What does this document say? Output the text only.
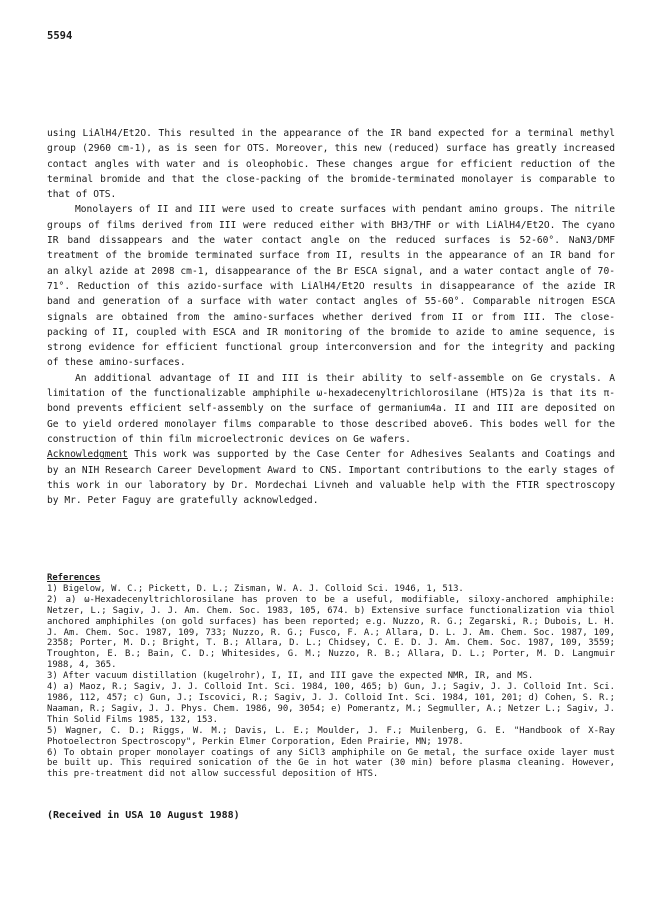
5594

using LiAlH4/Et2O. This resulted in the appearance of the IR band expected for a terminal methyl group (2960 cm-1), as is seen for OTS. Moreover, this new (reduced) surface has greatly increased contact angles with water and is oleophobic. These changes argue for efficient reduction of the terminal bromide and that the close-packing of the bromide-terminated monolayer is comparable to that of OTS.

Monolayers of II and III were used to create surfaces with pendant amino groups. The nitrile groups of films derived from III were reduced either with BH3/THF or with LiAlH4/Et2O. The cyano IR band dissappears and the water contact angle on the reduced surfaces is 52-60°. NaN3/DMF treatment of the bromide terminated surface from II, results in the appearance of an IR band for an alkyl azide at 2098 cm-1, disappearance of the Br ESCA signal, and a water contact angle of 70-71°. Reduction of this azido-surface with LiAlH4/Et2O results in disappearance of the azide IR band and generation of a surface with water contact angles of 55-60°. Comparable nitrogen ESCA signals are obtained from the amino-surfaces whether derived from II or from III. The close-packing of II, coupled with ESCA and IR monitoring of the bromide to azide to amine sequence, is strong evidence for efficient functional group interconversion and for the integrity and packing of these amino-surfaces.

An additional advantage of II and III is their ability to self-assemble on Ge crystals. A limitation of the functionalizable amphiphile ω-hexadecenyltrichlorosilane (HTS)2a is that its π-bond prevents efficient self-assembly on the surface of germanium4a. II and III are deposited on Ge to yield ordered monolayer films comparable to those described above6. This bodes well for the construction of thin film microelectronic devices on Ge wafers.

Acknowledgment This work was supported by the Case Center for Adhesives Sealants and Coatings and by an NIH Research Career Development Award to CNS. Important contributions to the early stages of this work in our laboratory by Dr. Mordechai Livneh and valuable help with the FTIR spectroscopy by Mr. Peter Faguy are gratefully acknowledged.

References

1) Bigelow, W. C.; Pickett, D. L.; Zisman, W. A. J. Colloid Sci. 1946, 1, 513.

2) a) ω-Hexadecenyltrichlorosilane has proven to be a useful, modifiable, siloxy-anchored amphiphile: Netzer, L.; Sagiv, J. J. Am. Chem. Soc. 1983, 105, 674. b) Extensive surface functionalization via thiol anchored amphiphiles (on gold surfaces) has been reported; e.g. Nuzzo, R. G.; Zegarski, R.; Dubois, L. H. J. Am. Chem. Soc. 1987, 109, 733; Nuzzo, R. G.; Fusco, F. A.; Allara, D. L. J. Am. Chem. Soc. 1987, 109, 2358; Porter, M. D.; Bright, T. B.; Allara, D. L.; Chidsey, C. E. D. J. Am. Chem. Soc. 1987, 109, 3559; Troughton, E. B.; Bain, C. D.; Whitesides, G. M.; Nuzzo, R. B.; Allara, D. L.; Porter, M. D. Langmuir 1988, 4, 365.

3) After vacuum distillation (kugelrohr), I, II, and III gave the expected NMR, IR, and MS.

4) a) Maoz, R.; Sagiv, J. J. Colloid Int. Sci. 1984, 100, 465; b) Gun, J.; Sagiv, J. J. Colloid Int. Sci. 1986, 112, 457; c) Gun, J.; Iscovici, R.; Sagiv, J. J. Colloid Int. Sci. 1984, 101, 201; d) Cohen, S. R.; Naaman, R.; Sagiv, J. J. Phys. Chem. 1986, 90, 3054; e) Pomerantz, M.; Segmuller, A.; Netzer L.; Sagiv, J. Thin Solid Films 1985, 132, 153.

5) Wagner, C. D.; Riggs, W. M.; Davis, L. E.; Moulder, J. F.; Muilenberg, G. E. "Handbook of X-Ray Photoelectron Spectroscopy", Perkin Elmer Corporation, Eden Prairie, MN; 1978.

6) To obtain proper monolayer coatings of any SiCl3 amphiphile on Ge metal, the surface oxide layer must be built up. This required sonication of the Ge in hot water (30 min) before plasma cleaning. However, this pre-treatment did not allow successful deposition of HTS.

(Received in USA 10 August 1988)
